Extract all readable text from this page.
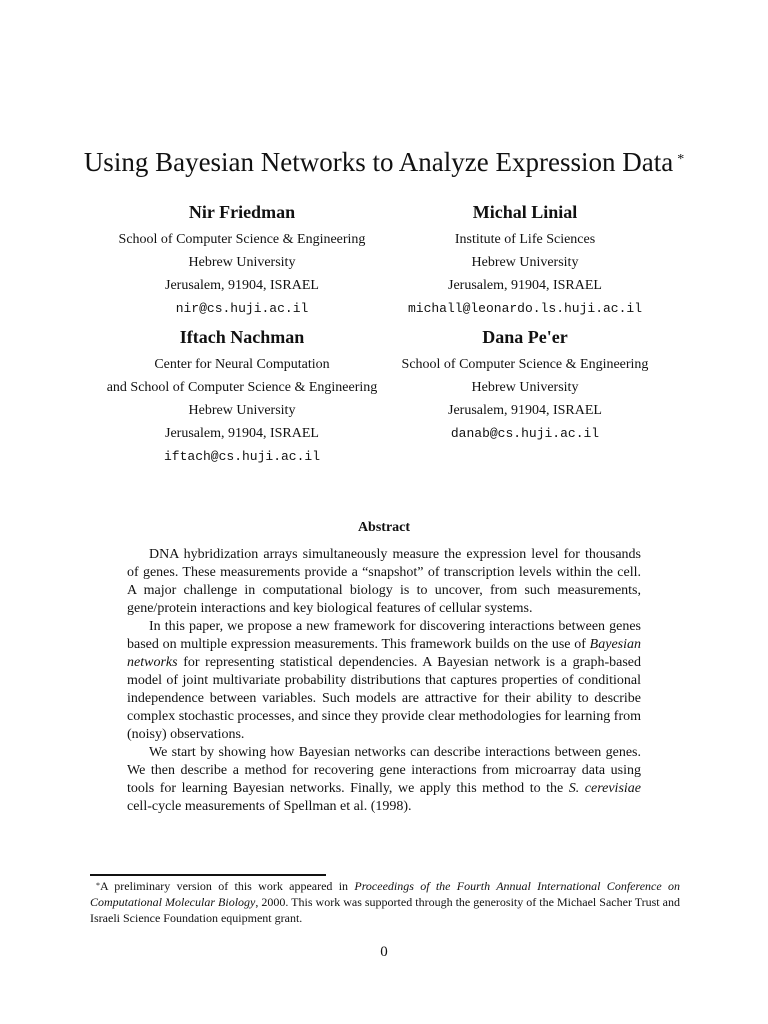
Using Bayesian Networks to Analyze Expression Data *
Nir Friedman
School of Computer Science & Engineering
Hebrew University
Jerusalem, 91904, ISRAEL
nir@cs.huji.ac.il
Michal Linial
Institute of Life Sciences
Hebrew University
Jerusalem, 91904, ISRAEL
michall@leonardo.ls.huji.ac.il
Iftach Nachman
Center for Neural Computation
and School of Computer Science & Engineering
Hebrew University
Jerusalem, 91904, ISRAEL
iftach@cs.huji.ac.il
Dana Pe'er
School of Computer Science & Engineering
Hebrew University
Jerusalem, 91904, ISRAEL
danab@cs.huji.ac.il
Abstract

DNA hybridization arrays simultaneously measure the expression level for thousands of genes. These measurements provide a “snapshot” of transcription levels within the cell. A major challenge in computational biology is to uncover, from such measurements, gene/protein interactions and key biological features of cellular systems.

In this paper, we propose a new framework for discovering interactions between genes based on multiple expression measurements. This framework builds on the use of Bayesian networks for representing statistical dependencies. A Bayesian network is a graph-based model of joint multivariate probability distributions that captures properties of conditional independence between variables. Such models are attractive for their ability to describe complex stochastic processes, and since they provide clear methodologies for learning from (noisy) observations.

We start by showing how Bayesian networks can describe interactions between genes. We then describe a method for recovering gene interactions from microarray data using tools for learning Bayesian networks. Finally, we apply this method to the S. cerevisiae cell-cycle measurements of Spellman et al. (1998).

*A preliminary version of this work appeared in Proceedings of the Fourth Annual International Conference on Computational Molecular Biology, 2000. This work was supported through the generosity of the Michael Sacher Trust and Israeli Science Foundation equipment grant.
0
